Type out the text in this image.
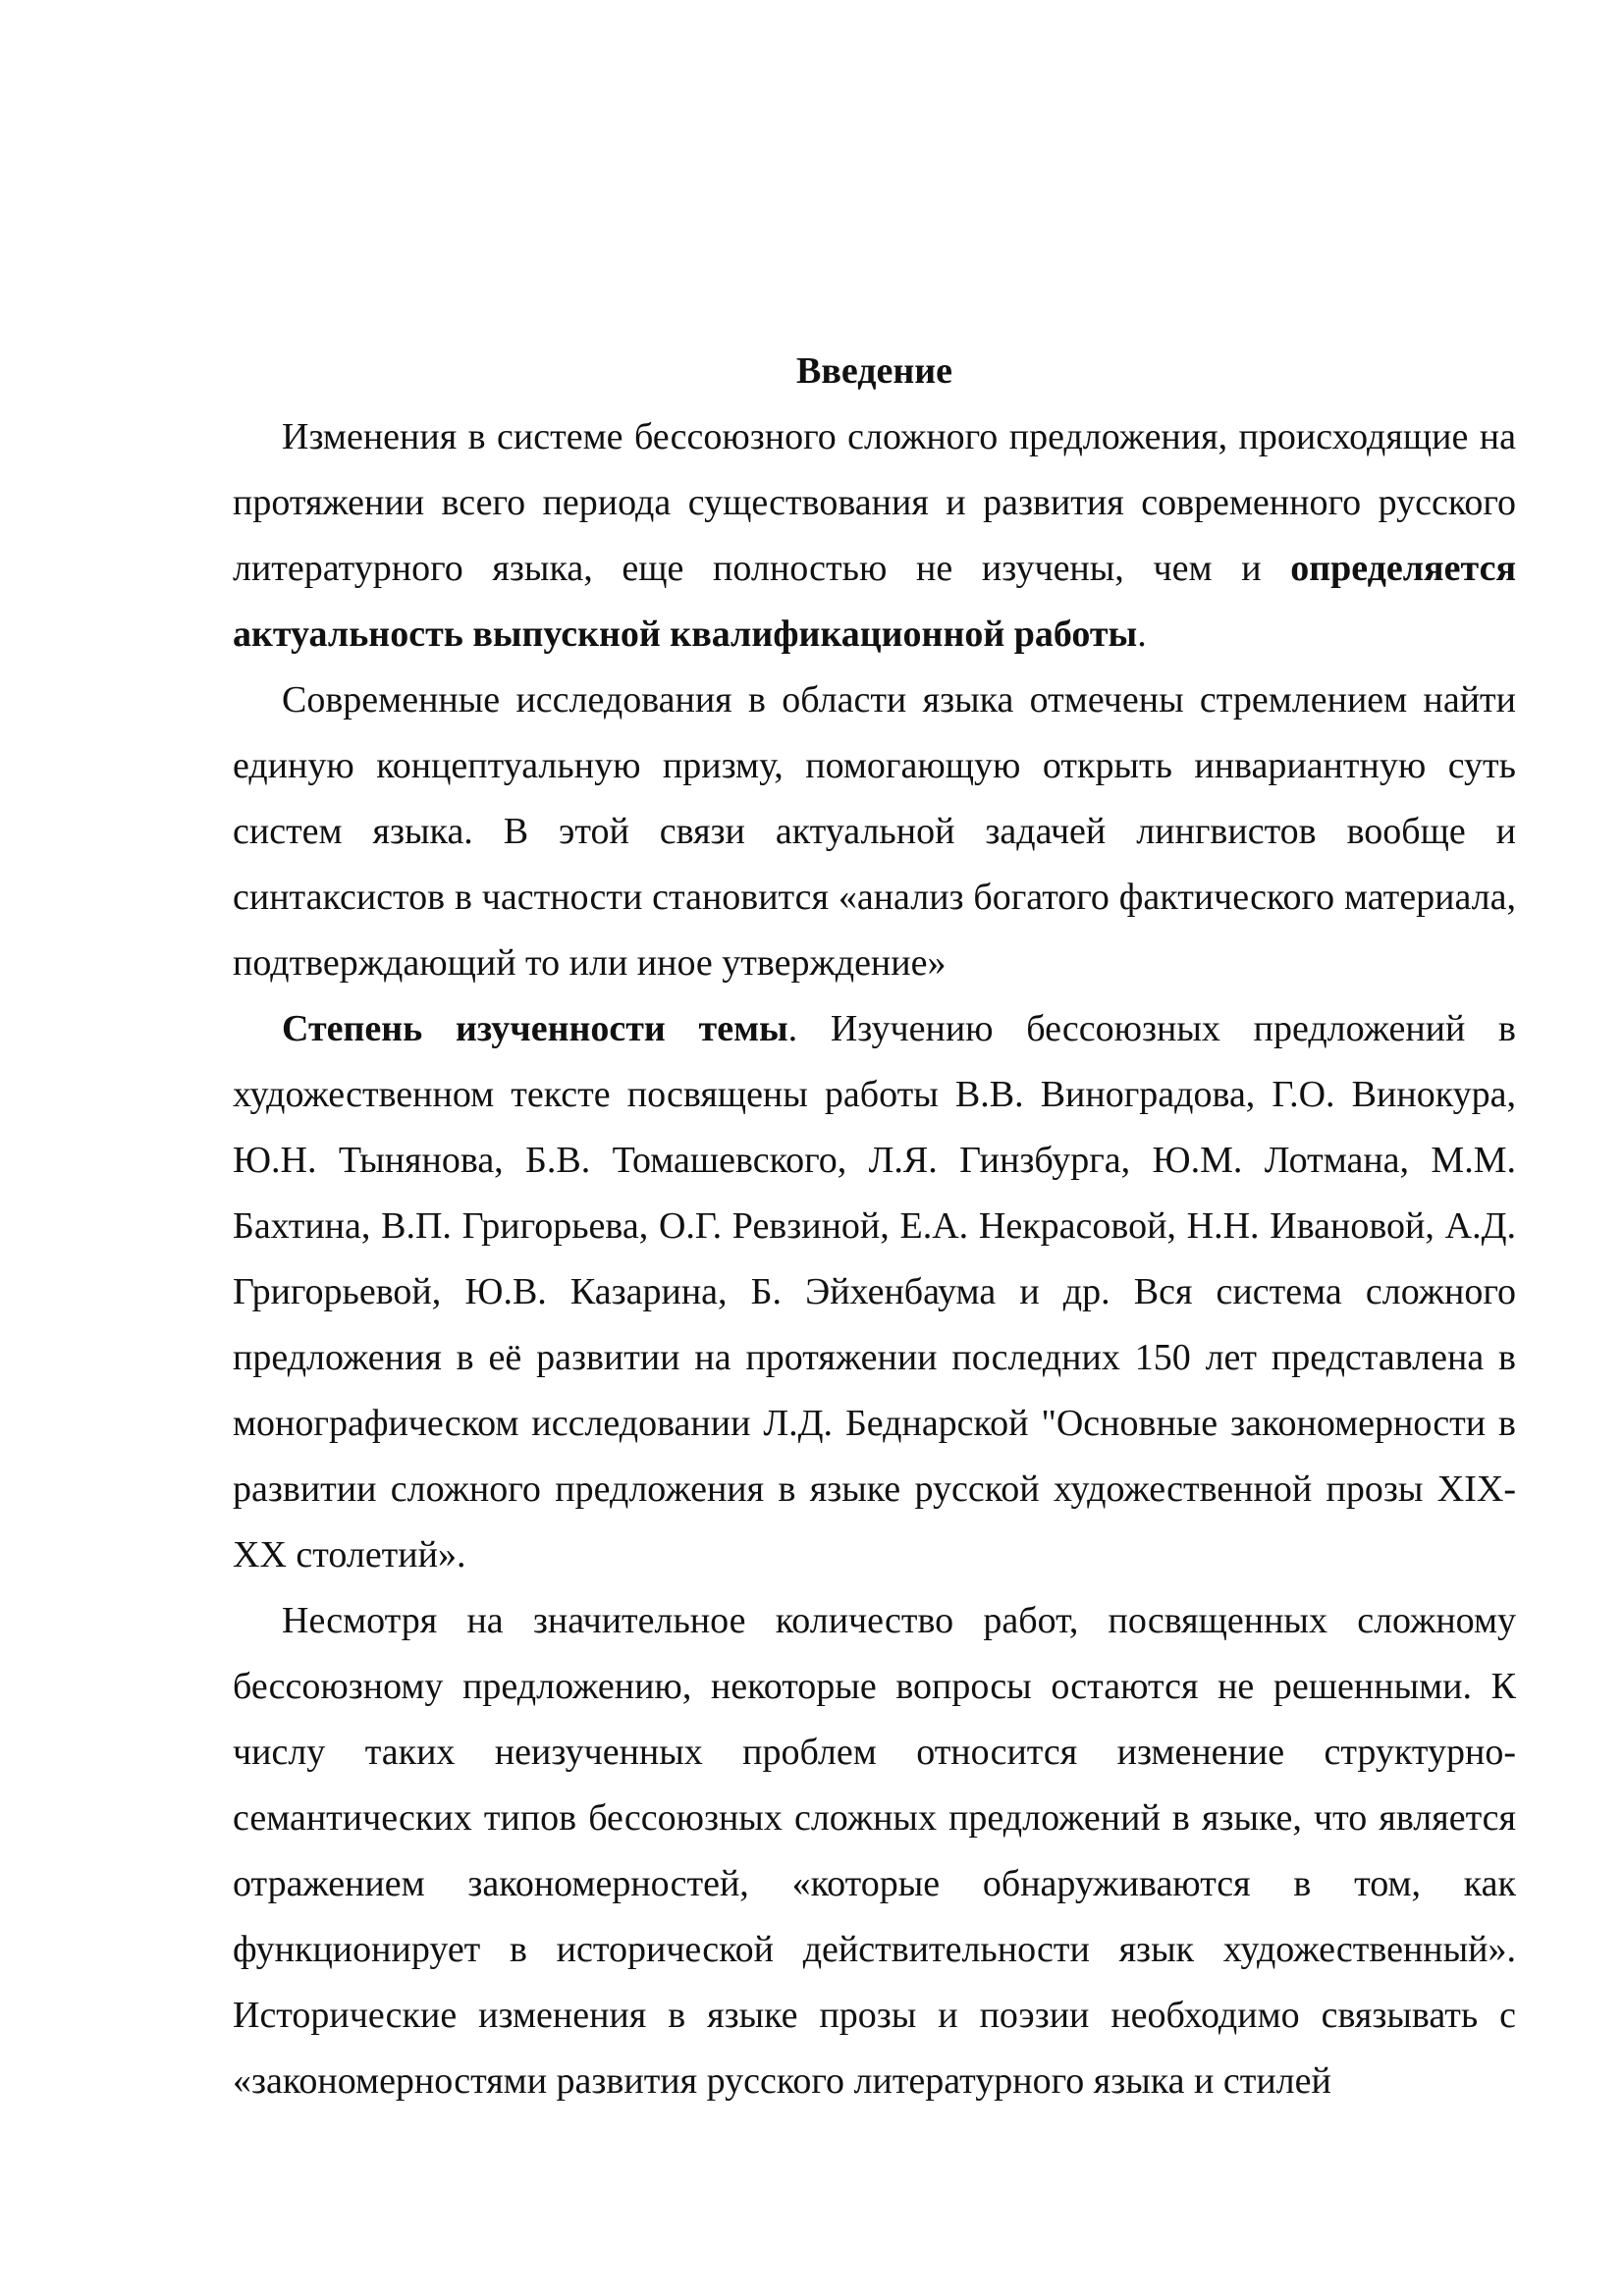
Введение

Изменения в системе бессоюзного сложного предложения, происходящие на протяжении всего периода существования и развития современного русского литературного языка, еще полностью не изучены, чем и определяется актуальность выпускной квалификационной работы.

Современные исследования в области языка отмечены стремлением найти единую концептуальную призму, помогающую открыть инвариантную суть систем языка. В этой связи актуальной задачей лингвистов вообще и синтаксистов в частности становится «анализ богатого фактического материала, подтверждающий то или иное утверждение»

Степень изученности темы. Изучению бессоюзных предложений в художественном тексте посвящены работы В.В. Виноградова, Г.О. Винокура, Ю.Н. Тынянова, Б.В. Томашевского, Л.Я. Гинзбурга, Ю.М. Лотмана, М.М. Бахтина, В.П. Григорьева, О.Г. Ревзиной, Е.А. Некрасовой, Н.Н. Ивановой, А.Д. Григорьевой, Ю.В. Казарина, Б. Эйхенбаума и др. Вся система сложного предложения в её развитии на протяжении последних 150 лет представлена в монографическом исследовании Л.Д. Беднарской "Основные закономерности в развитии сложного предложения в языке русской художественной прозы XIX-XX столетий».

Несмотря на значительное количество работ, посвященных сложному бессоюзному предложению, некоторые вопросы остаются не решенными. К числу таких неизученных проблем относится изменение структурно-семантических типов бессоюзных сложных предложений в языке, что является отражением закономерностей, «которые обнаруживаются в том, как функционирует в исторической действительности язык художественный». Исторические изменения в языке прозы и поэзии необходимо связывать с «закономерностями развития русского литературного языка и стилей
